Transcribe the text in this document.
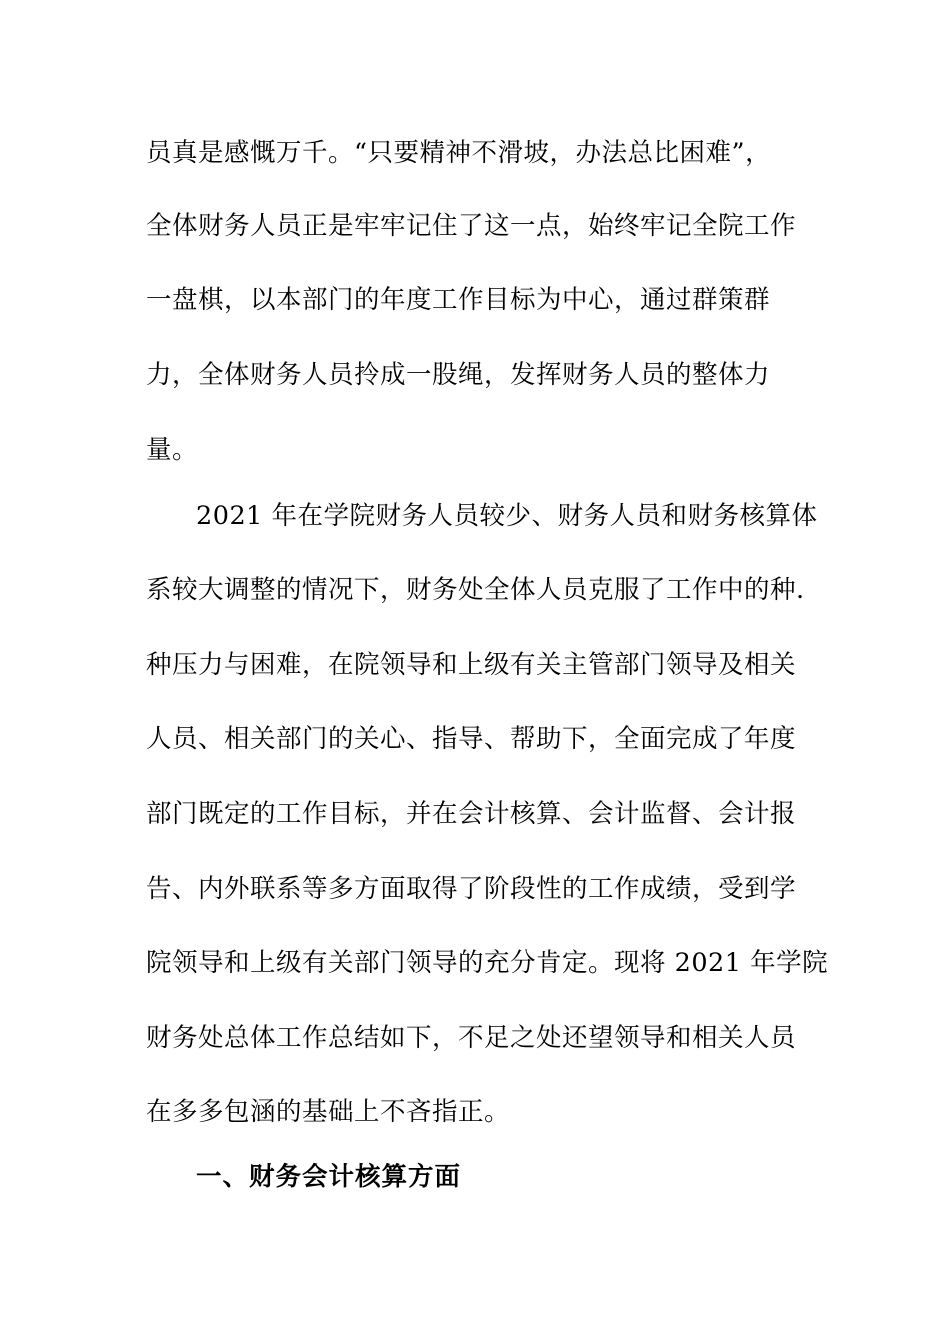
员真是感慨万千。“只要精神不滑坡，办法总比困难”，
全体财务人员正是牢牢记住了这一点，始终牢记全院工作
一盘棋，以本部门的年度工作目标为中心，通过群策群
力，全体财务人员拎成一股绳，发挥财务人员的整体力
量。
2021 年在学院财务人员较少、财务人员和财务核算体
系较大调整的情况下，财务处全体人员克服了工作中的种.
种压力与困难，在院领导和上级有关主管部门领导及相关
人员、相关部门的关心、指导、帮助下，全面完成了年度
部门既定的工作目标，并在会计核算、会计监督、会计报
告、内外联系等多方面取得了阶段性的工作成绩，受到学
院领导和上级有关部门领导的充分肯定。现将 2021 年学院
财务处总体工作总结如下，不足之处还望领导和相关人员
在多多包涵的基础上不吝指正。
一、财务会计核算方面
